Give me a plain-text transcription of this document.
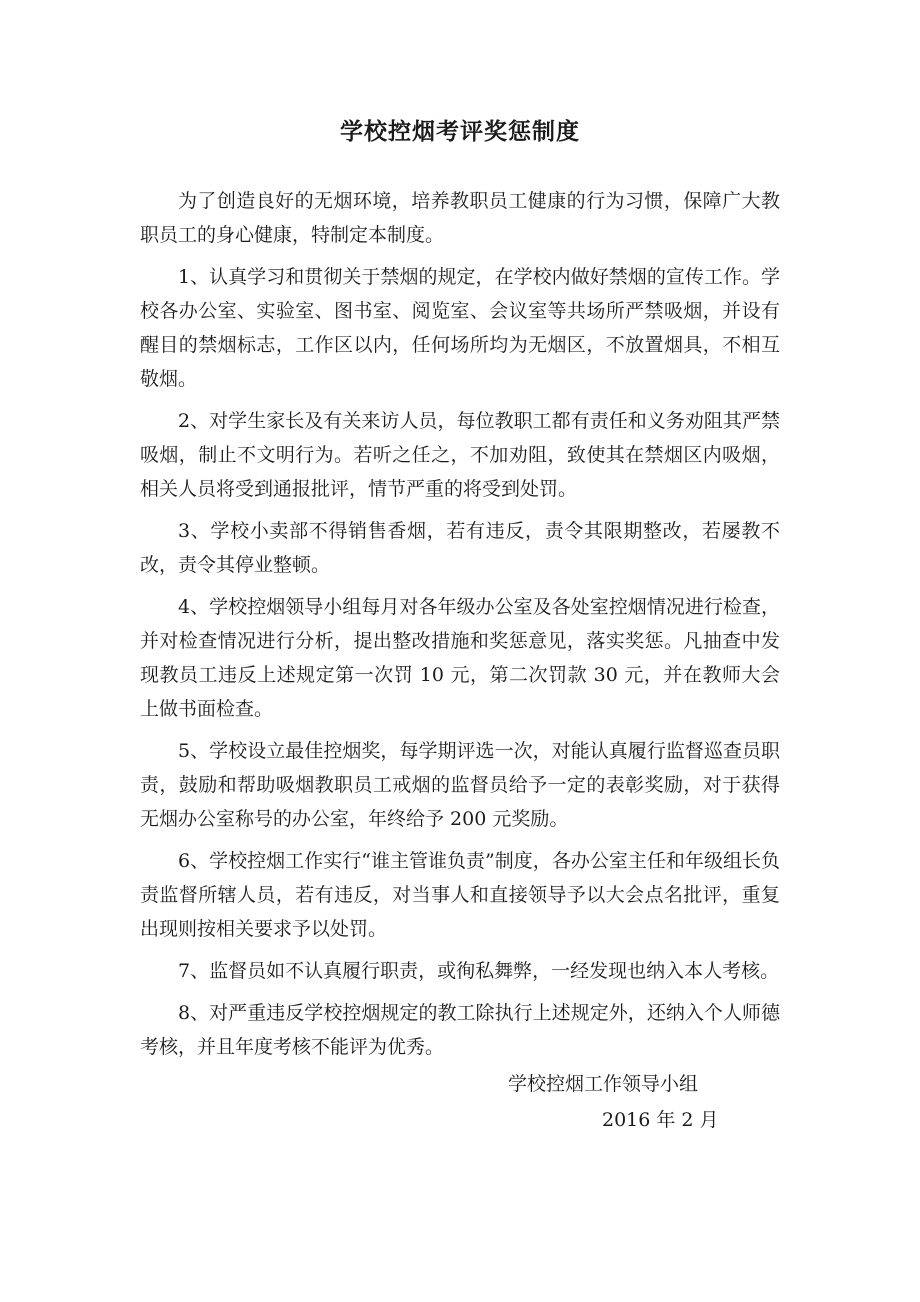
学校控烟考评奖惩制度

为了创造良好的无烟环境，培养教职员工健康的行为习惯，保障广大教职员工的身心健康，特制定本制度。

1、认真学习和贯彻关于禁烟的规定，在学校内做好禁烟的宣传工作。学校各办公室、实验室、图书室、阅览室、会议室等共场所严禁吸烟，并设有醒目的禁烟标志，工作区以内，任何场所均为无烟区，不放置烟具，不相互敬烟。

2、对学生家长及有关来访人员，每位教职工都有责任和义务劝阻其严禁吸烟，制止不文明行为。若听之任之，不加劝阻，致使其在禁烟区内吸烟，相关人员将受到通报批评，情节严重的将受到处罚。

3、学校小卖部不得销售香烟，若有违反，责令其限期整改，若屡教不改，责令其停业整顿。

4、学校控烟领导小组每月对各年级办公室及各处室控烟情况进行检查，并对检查情况进行分析，提出整改措施和奖惩意见，落实奖惩。凡抽查中发现教员工违反上述规定第一次罚 10 元，第二次罚款 30 元，并在教师大会上做书面检查。

5、学校设立最佳控烟奖，每学期评选一次，对能认真履行监督巡查员职责，鼓励和帮助吸烟教职员工戒烟的监督员给予一定的表彰奖励，对于获得无烟办公室称号的办公室，年终给予 200 元奖励。

6、学校控烟工作实行“谁主管谁负责”制度，各办公室主任和年级组长负责监督所辖人员，若有违反，对当事人和直接领导予以大会点名批评，重复出现则按相关要求予以处罚。

7、监督员如不认真履行职责，或徇私舞弊，一经发现也纳入本人考核。

8、对严重违反学校控烟规定的教工除执行上述规定外，还纳入个人师德考核，并且年度考核不能评为优秀。

学校控烟工作领导小组
2016 年 2 月
